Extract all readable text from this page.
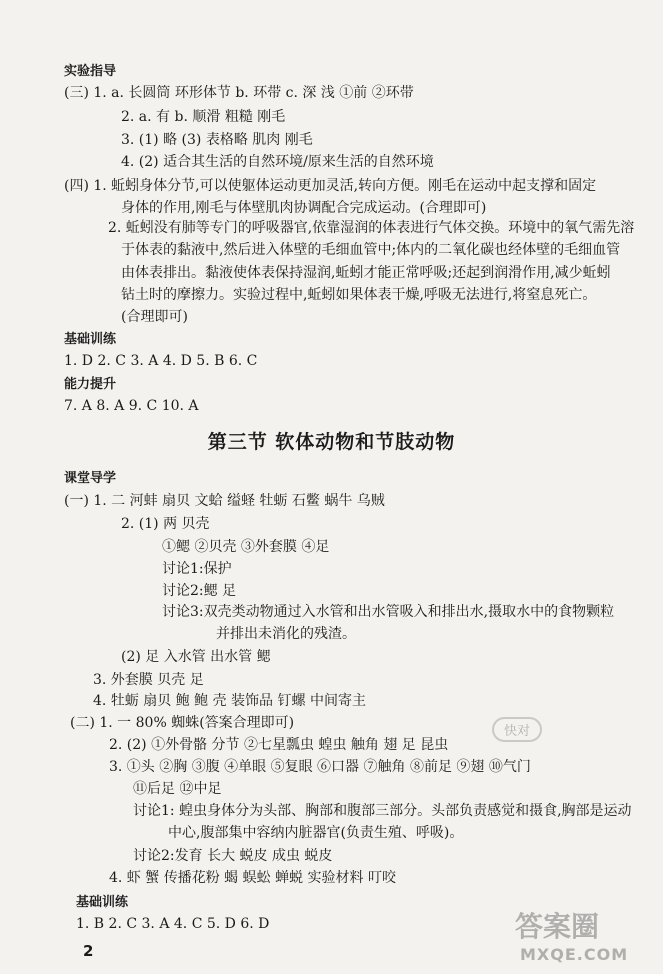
实验指导
(三) 1. a. 长圆筒 环形体节 b. 环带 c. 深 浅 ①前 ②环带
2. a. 有 b. 顺滑 粗糙 刚毛
3. (1) 略 (3) 表格略 肌肉 刚毛
4. (2) 适合其生活的自然环境/原来生活的自然环境
(四) 1. 蚯蚓身体分节,可以使躯体运动更加灵活,转向方便。刚毛在运动中起支撑和固定
身体的作用,刚毛与体壁肌肉协调配合完成运动。(合理即可)
2. 蚯蚓没有肺等专门的呼吸器官,依靠湿润的体表进行气体交换。环境中的氧气需先溶
于体表的黏液中,然后进入体壁的毛细血管中;体内的二氧化碳也经体壁的毛细血管
由体表排出。黏液使体表保持湿润,蚯蚓才能正常呼吸;还起到润滑作用,减少蚯蚓
钻土时的摩擦力。实验过程中,蚯蚓如果体表干燥,呼吸无法进行,将窒息死亡。
(合理即可)
基础训练
1. D 2. C 3. A 4. D 5. B 6. C
能力提升
7. A 8. A 9. C 10. A
第三节 软体动物和节肢动物
课堂导学
(一) 1. 二 河蚌 扇贝 文蛤 缢蛏 牡蛎 石鳖 蜗牛 乌贼
2. (1) 两 贝壳
①鳃 ②贝壳 ③外套膜 ④足
讨论1:保护
讨论2:鳃 足
讨论3:双壳类动物通过入水管和出水管吸入和排出水,摄取水中的食物颗粒
并排出未消化的残渣。
(2) 足 入水管 出水管 鳃
3. 外套膜 贝壳 足
4. 牡蛎 扇贝 鲍 鲍 壳 装饰品 钉螺 中间寄主
(二) 1. 一 80% 蜘蛛(答案合理即可)
2. (2) ①外骨骼 分节 ②七星瓢虫 蝗虫 触角 翅 足 昆虫
3. ①头 ②胸 ③腹 ④单眼 ⑤复眼 ⑥口器 ⑦触角 ⑧前足 ⑨翅 ⑩气门
⑪后足 ⑫中足
讨论1: 蝗虫身体分为头部、胸部和腹部三部分。头部负责感觉和摄食,胸部是运动
中心,腹部集中容纳内脏器官(负责生殖、呼吸)。
讨论2:发育 长大 蜕皮 成虫 蜕皮
4. 虾 蟹 传播花粉 蝎 蜈蚣 蝉蜕 实验材料 叮咬
基础训练
1. B 2. C 3. A 4. C 5. D 6. D
2
快对
答案圈
MXQE.COM
